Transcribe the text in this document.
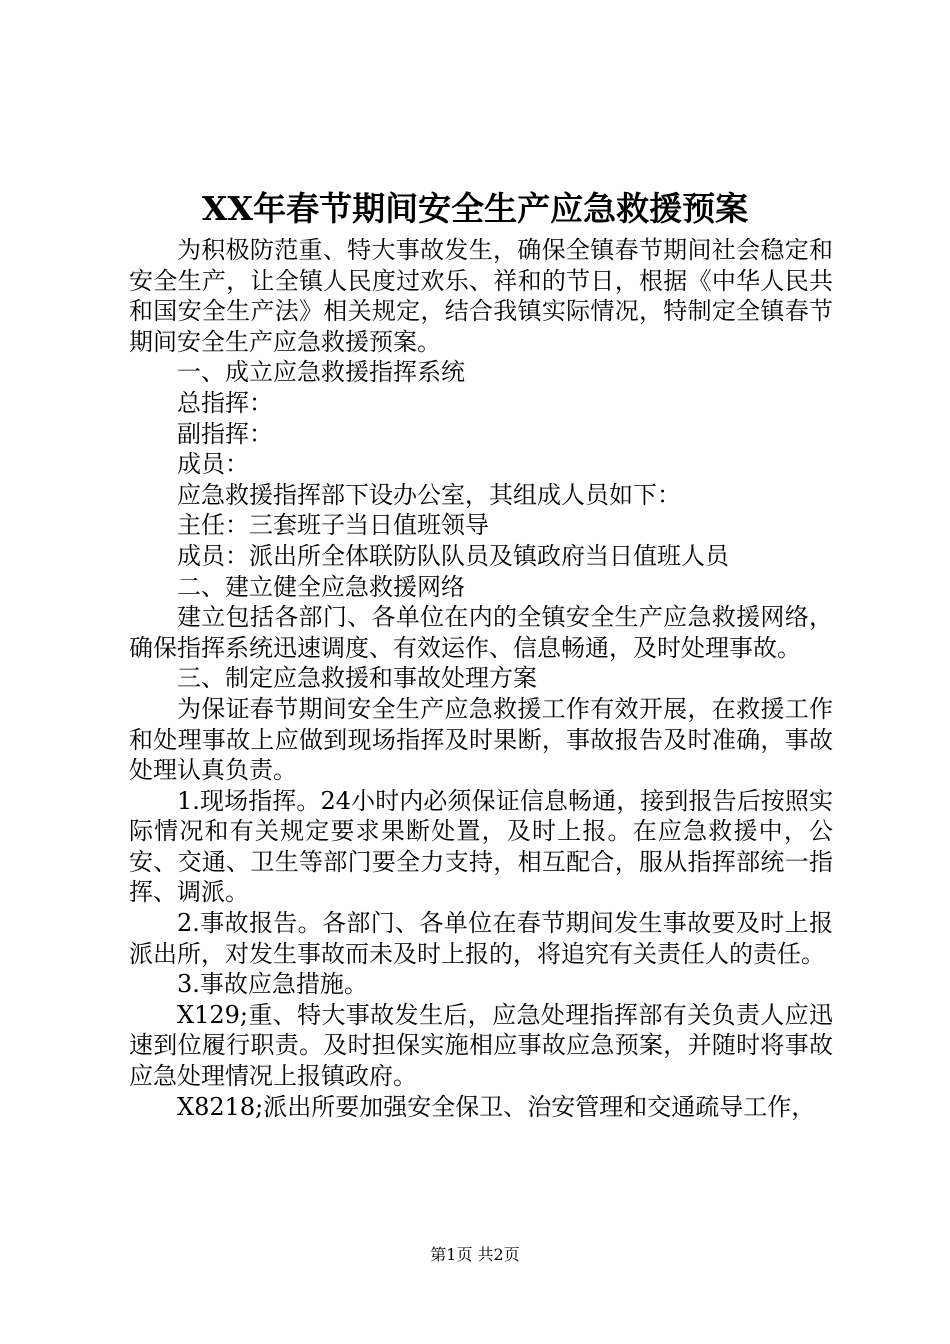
XX年春节期间安全生产应急救援预案

为积极防范重、特大事故发生，确保全镇春节期间社会稳定和安全生产，让全镇人民度过欢乐、祥和的节日，根据《中华人民共和国安全生产法》相关规定，结合我镇实际情况，特制定全镇春节期间安全生产应急救援预案。

一、成立应急救援指挥系统

总指挥：

副指挥：

成员：

应急救援指挥部下设办公室，其组成人员如下：

主任：三套班子当日值班领导

成员：派出所全体联防队队员及镇政府当日值班人员

二、建立健全应急救援网络

建立包括各部门、各单位在内的全镇安全生产应急救援网络，确保指挥系统迅速调度、有效运作、信息畅通，及时处理事故。

三、制定应急救援和事故处理方案

为保证春节期间安全生产应急救援工作有效开展，在救援工作和处理事故上应做到现场指挥及时果断，事故报告及时准确，事故处理认真负责。

1.现场指挥。24小时内必须保证信息畅通，接到报告后按照实际情况和有关规定要求果断处置，及时上报。在应急救援中，公安、交通、卫生等部门要全力支持，相互配合，服从指挥部统一指挥、调派。

2.事故报告。各部门、各单位在春节期间发生事故要及时上报派出所，对发生事故而未及时上报的，将追究有关责任人的责任。

3.事故应急措施。

X129;重、特大事故发生后，应急处理指挥部有关负责人应迅速到位履行职责。及时担保实施相应事故应急预案，并随时将事故应急处理情况上报镇政府。

X8218;派出所要加强安全保卫、治安管理和交通疏导工作，

第1页 共2页
